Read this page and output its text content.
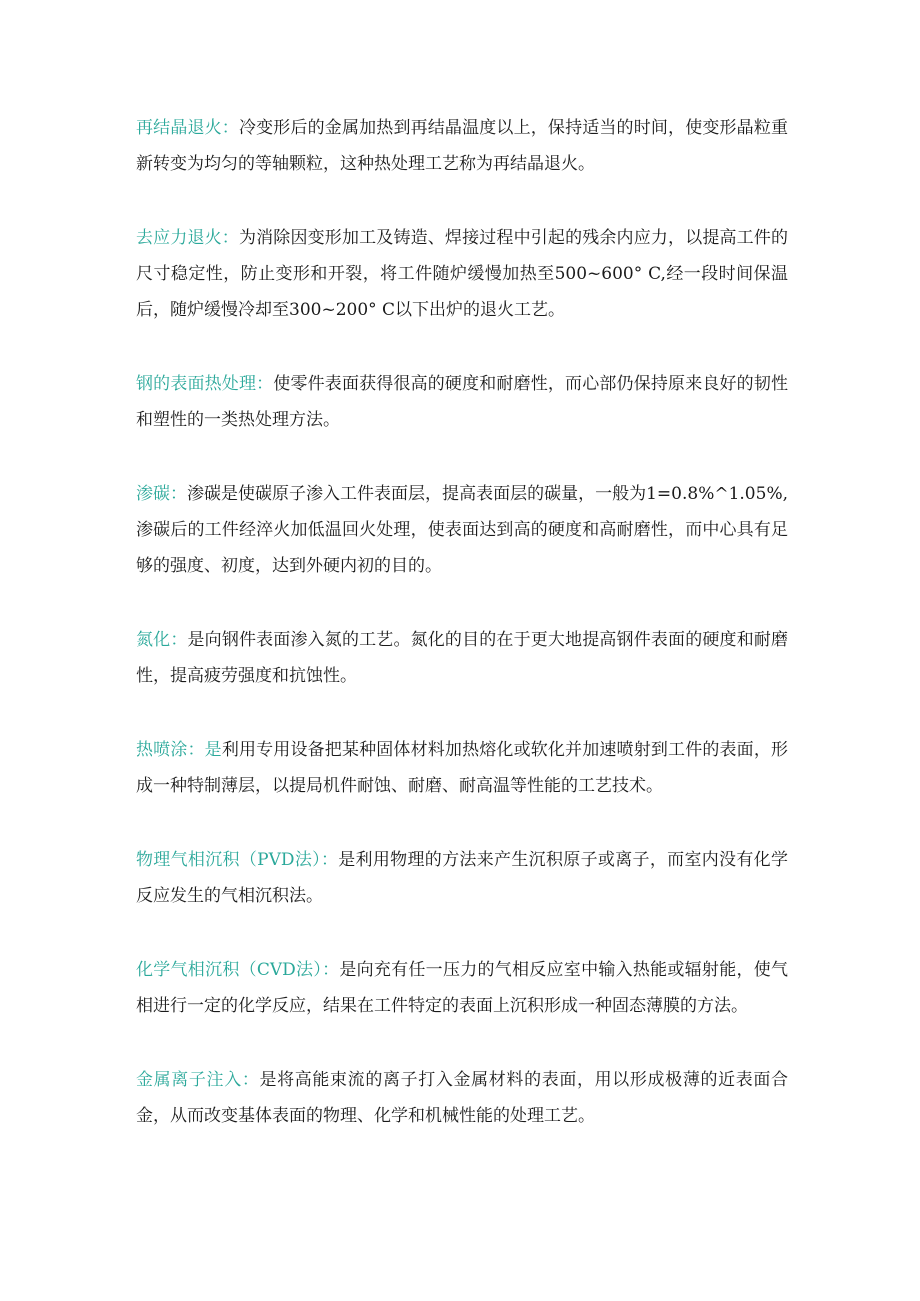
再结晶退火：冷变形后的金属加热到再结晶温度以上，保持适当的时间，使变形晶粒重新转变为均匀的等轴颗粒，这种热处理工艺称为再结晶退火。

去应力退火：为消除因变形加工及铸造、焊接过程中引起的残余内应力，以提高工件的尺寸稳定性，防止变形和开裂，将工件随炉缓慢加热至500~600° C,经一段时间保温后，随炉缓慢冷却至300~200° C以下出炉的退火工艺。

钢的表面热处理：使零件表面获得很高的硬度和耐磨性，而心部仍保持原来良好的韧性和塑性的一类热处理方法。

渗碳：渗碳是使碳原子渗入工件表面层，提高表面层的碳量，一般为1=0.8%^1.05%,渗碳后的工件经淬火加低温回火处理，使表面达到高的硬度和高耐磨性，而中心具有足够的强度、初度，达到外硬内初的目的。

氮化：是向钢件表面渗入氮的工艺。氮化的目的在于更大地提高钢件表面的硬度和耐磨性，提高疲劳强度和抗蚀性。

热喷涂：是利用专用设备把某种固体材料加热熔化或软化并加速喷射到工件的表面，形成一种特制薄层，以提局机件耐蚀、耐磨、耐高温等性能的工艺技术。

物理气相沉积（PVD法）：是利用物理的方法来产生沉积原子或离子，而室内没有化学反应发生的气相沉积法。

化学气相沉积（CVD法）：是向充有任一压力的气相反应室中输入热能或辐射能，使气相进行一定的化学反应，结果在工件特定的表面上沉积形成一种固态薄膜的方法。

金属离子注入：是将高能束流的离子打入金属材料的表面，用以形成极薄的近表面合金，从而改变基体表面的物理、化学和机械性能的处理工艺。
